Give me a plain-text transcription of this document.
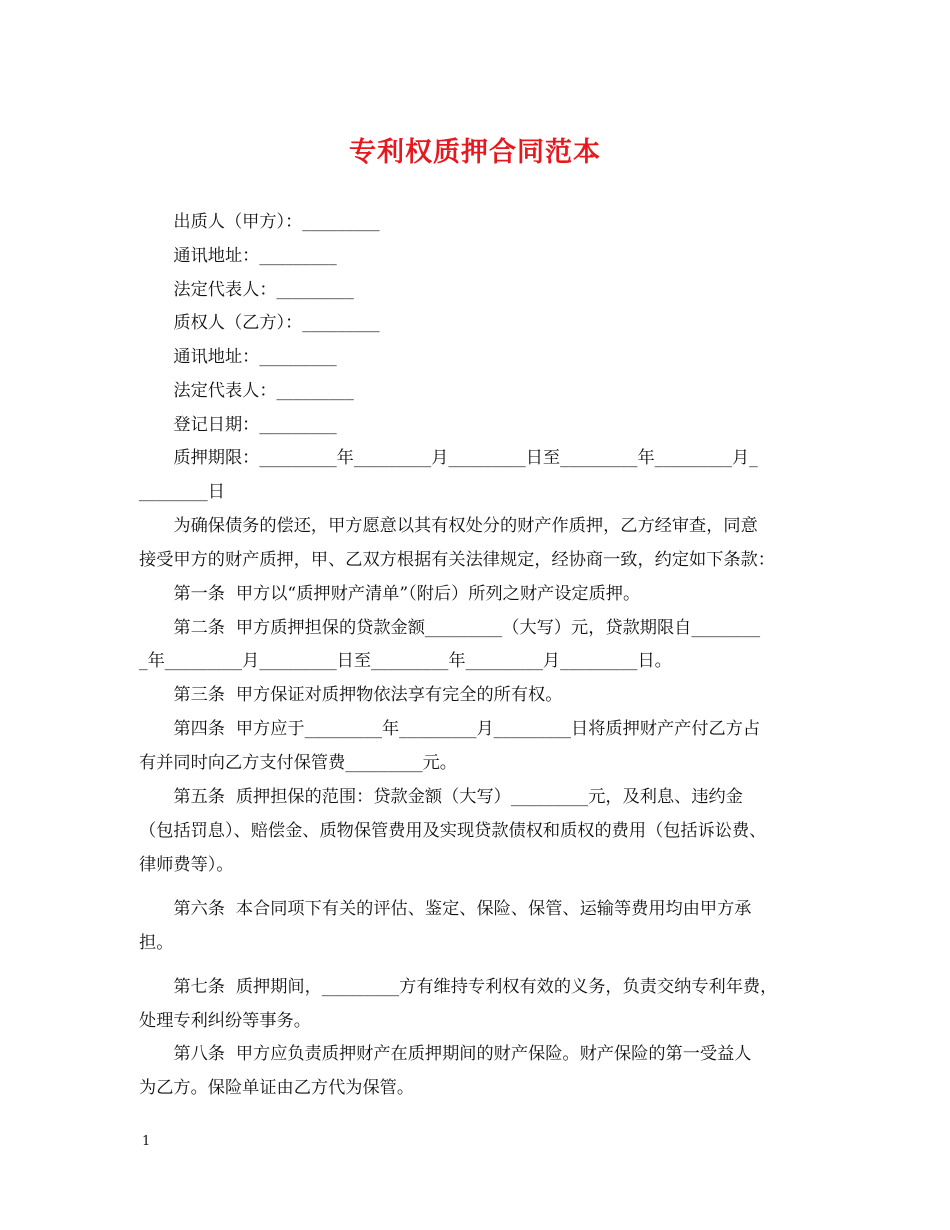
专利权质押合同范本
　　出质人（甲方）：_________
　　通讯地址：_________
　　法定代表人：_________
　　质权人（乙方）：_________
　　通讯地址：_________
　　法定代表人：_________
　　登记日期：_________
　　质押期限：_________年_________月_________日至_________年_________月_
________日
　　为确保债务的偿还，甲方愿意以其有权处分的财产作质押，乙方经审查，同意
接受甲方的财产质押，甲、乙双方根据有关法律规定，经协商一致，约定如下条款：
　　第一条  甲方以“质押财产清单”（附后）所列之财产设定质押。
　　第二条  甲方质押担保的贷款金额_________（大写）元，贷款期限自________
_年_________月_________日至_________年_________月_________日。
　　第三条  甲方保证对质押物依法享有完全的所有权。
　　第四条  甲方应于_________年_________月_________日将质押财产产付乙方占
有并同时向乙方支付保管费_________元。
　　第五条  质押担保的范围：贷款金额（大写）_________元，及利息、违约金
（包括罚息）、赔偿金、质物保管费用及实现贷款债权和质权的费用（包括诉讼费、
律师费等）。
　　第六条  本合同项下有关的评估、鉴定、保险、保管、运输等费用均由甲方承
担。
　　第七条  质押期间，_________方有维持专利权有效的义务，负责交纳专利年费，
处理专利纠纷等事务。
　　第八条  甲方应负责质押财产在质押期间的财产保险。财产保险的第一受益人
为乙方。保险单证由乙方代为保管。
1
